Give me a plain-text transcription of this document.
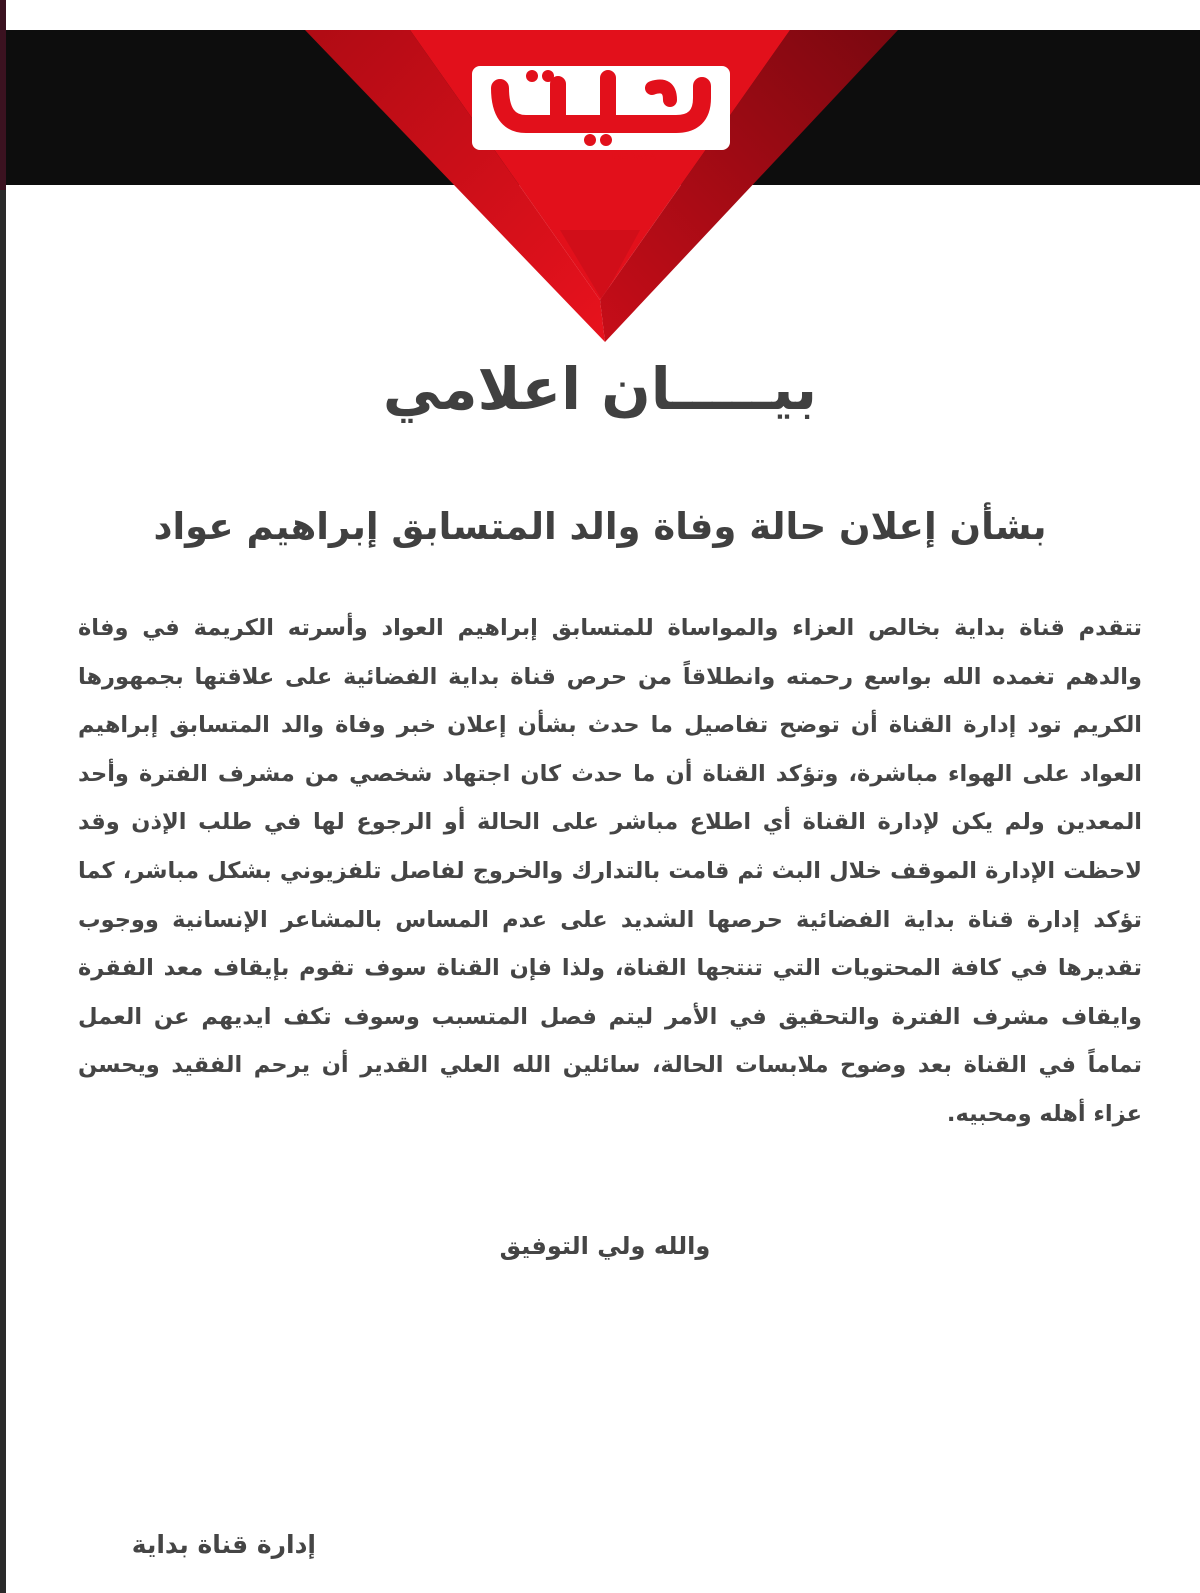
BEDAYA
بيـــــان اعلامي
بشأن إعلان حالة وفاة والد المتسابق إبراهيم عواد
تتقدم قناة بداية بخالص العزاء والمواساة للمتسابق إبراهيم العواد وأسرته الكريمة في وفاة والدهم تغمده الله بواسع رحمته وانطلاقاً من حرص قناة بداية الفضائية على علاقتها بجمهورها الكريم تود إدارة القناة أن توضح تفاصيل ما حدث بشأن إعلان خبر وفاة والد المتسابق إبراهيم العواد على الهواء مباشرة، وتؤكد القناة أن ما حدث كان اجتهاد شخصي من مشرف الفترة وأحد المعدين ولم يكن لإدارة القناة أي اطلاع مباشر على الحالة أو الرجوع لها في طلب الإذن وقد لاحظت الإدارة الموقف خلال البث ثم قامت بالتدارك والخروج لفاصل تلفزيوني بشكل مباشر، كما تؤكد إدارة قناة بداية الفضائية حرصها الشديد على عدم المساس بالمشاعر الإنسانية ووجوب تقديرها في كافة المحتويات التي تنتجها القناة، ولذا فإن القناة سوف تقوم بإيقاف معد الفقرة وايقاف مشرف الفترة والتحقيق في الأمر ليتم فصل المتسبب وسوف تكف ايديهم عن العمل تماماً في القناة بعد وضوح ملابسات الحالة، سائلين الله العلي القدير أن يرحم الفقيد ويحسن عزاء أهله ومحبيه.
والله ولي التوفيق
إدارة قناة بداية
